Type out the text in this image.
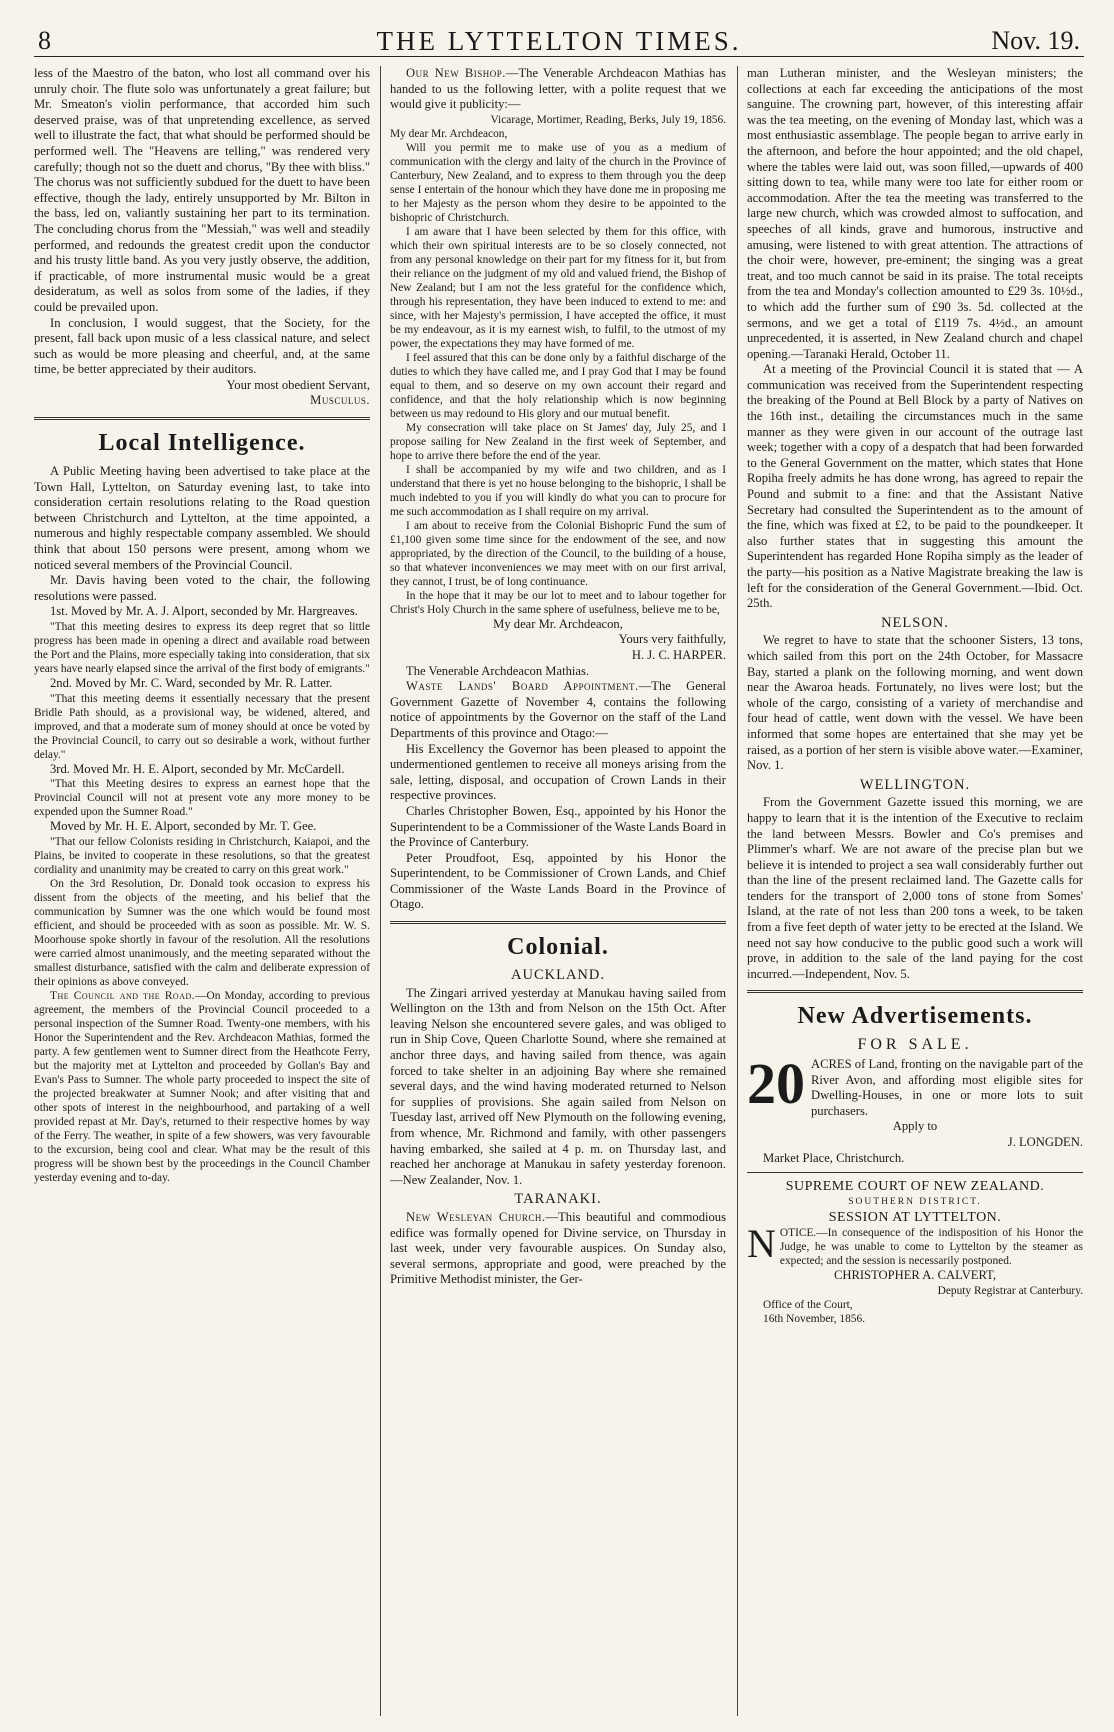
8	THE LYTTELTON TIMES.	Nov. 19.

less of the Maestro of the baton, who lost all command over his unruly choir. The flute solo was unfortunately a great failure; but Mr. Smeaton's violin performance, that accorded him such deserved praise, was of that unpretending excellence, as served well to illustrate the fact, that what should be performed should be performed well. The "Heavens are telling," was rendered very carefully; though not so the duett and chorus, "By thee with bliss." The chorus was not sufficiently subdued for the duett to have been effective, though the lady, entirely unsupported by Mr. Bilton in the bass, led on, valiantly sustaining her part to its termination. The concluding chorus from the "Messiah," was well and steadily performed, and redounds the greatest credit upon the conductor and his trusty little band. As you very justly observe, the addition, if practicable, of more instrumental music would be a great desideratum, as well as solos from some of the ladies, if they could be prevailed upon.

In conclusion, I would suggest, that the Society, for the present, fall back upon music of a less classical nature, and select such as would be more pleasing and cheerful, and, at the same time, be better appreciated by their auditors.

Your most obedient Servant,

Musculus.

Local Intelligence.

A Public Meeting having been advertised to take place at the Town Hall, Lyttelton, on Saturday evening last, to take into consideration certain resolutions relating to the Road question between Christchurch and Lyttelton, at the time appointed, a numerous and highly respectable company assembled. We should think that about 150 persons were present, among whom we noticed several members of the Provincial Council.

Mr. Davis having been voted to the chair, the following resolutions were passed.

1st. Moved by Mr. A. J. Alport, seconded by Mr. Hargreaves.

"That this meeting desires to express its deep regret that so little progress has been made in opening a direct and available road between the Port and the Plains, more especially taking into consideration, that six years have nearly elapsed since the arrival of the first body of emigrants."

2nd. Moved by Mr. C. Ward, seconded by Mr. R. Latter.

"That this meeting deems it essentially necessary that the present Bridle Path should, as a provisional way, be widened, altered, and improved, and that a moderate sum of money should at once be voted by the Provincial Council, to carry out so desirable a work, without further delay."

3rd. Moved Mr. H. E. Alport, seconded by Mr. McCardell.

"That this Meeting desires to express an earnest hope that the Provincial Council will not at present vote any more money to be expended upon the Sumner Road."

Moved by Mr. H. E. Alport, seconded by Mr. T. Gee.

"That our fellow Colonists residing in Christchurch, Kaiapoi, and the Plains, be invited to cooperate in these resolutions, so that the greatest cordiality and unanimity may be created to carry on this great work."

On the 3rd Resolution, Dr. Donald took occasion to express his dissent from the objects of the meeting, and his belief that the communication by Sumner was the one which would be found most efficient, and should be proceeded with as soon as possible. Mr. W. S. Moorhouse spoke shortly in favour of the resolution. All the resolutions were carried almost unanimously, and the meeting separated without the smallest disturbance, satisfied with the calm and deliberate expression of their opinions as above conveyed.

The Council and the Road.—On Monday, according to previous agreement, the members of the Provincial Council proceeded to a personal inspection of the Sumner Road. Twenty-one members, with his Honor the Superintendent and the Rev. Archdeacon Mathias, formed the party. A few gentlemen went to Sumner direct from the Heathcote Ferry, but the majority met at Lyttelton and proceeded by Gollan's Bay and Evan's Pass to Sumner. The whole party proceeded to inspect the site of the projected breakwater at Sumner Nook; and after visiting that and other spots of interest in the neighbourhood, and partaking of a well provided repast at Mr. Day's, returned to their respective homes by way of the Ferry. The weather, in spite of a few showers, was very favourable to the excursion, being cool and clear. What may be the result of this progress will be shown best by the proceedings in the Council Chamber yesterday evening and to-day.

Our New Bishop.—The Venerable Archdeacon Mathias has handed to us the following letter, with a polite request that we would give it publicity:—

Vicarage, Mortimer, Reading, Berks, July 19, 1856.

My dear Mr. Archdeacon,

Will you permit me to make use of you as a medium of communication with the clergy and laity of the church in the Province of Canterbury, New Zealand, and to express to them through you the deep sense I entertain of the honour which they have done me in proposing me to her Majesty as the person whom they desire to be appointed to the bishopric of Christchurch.

I am aware that I have been selected by them for this office, with which their own spiritual interests are to be so closely connected, not from any personal knowledge on their part for my fitness for it, but from their reliance on the judgment of my old and valued friend, the Bishop of New Zealand; but I am not the less grateful for the confidence which, through his representation, they have been induced to extend to me: and since, with her Majesty's permission, I have accepted the office, it must be my endeavour, as it is my earnest wish, to fulfil, to the utmost of my power, the expectations they may have formed of me.

I feel assured that this can be done only by a faithful discharge of the duties to which they have called me, and I pray God that I may be found equal to them, and so deserve on my own account their regard and confidence, and that the holy relationship which is now beginning between us may redound to His glory and our mutual benefit.

My consecration will take place on St James' day, July 25, and I propose sailing for New Zealand in the first week of September, and hope to arrive there before the end of the year.

I shall be accompanied by my wife and two children, and as I understand that there is yet no house belonging to the bishopric, I shall be much indebted to you if you will kindly do what you can to procure for me such accommodation as I shall require on my arrival.

I am about to receive from the Colonial Bishopric Fund the sum of £1,100 given some time since for the endowment of the see, and now appropriated, by the direction of the Council, to the building of a house, so that whatever inconveniences we may meet with on our first arrival, they cannot, I trust, be of long continuance.

In the hope that it may be our lot to meet and to labour together for Christ's Holy Church in the same sphere of usefulness, believe me to be,

My dear Mr. Archdeacon,

Yours very faithfully,

H. J. C. HARPER.

The Venerable Archdeacon Mathias.

Waste Lands' Board Appointment.—The General Government Gazette of November 4, contains the following notice of appointments by the Governor on the staff of the Land Departments of this province and Otago:—

His Excellency the Governor has been pleased to appoint the undermentioned gentlemen to receive all moneys arising from the sale, letting, disposal, and occupation of Crown Lands in their respective provinces.

Charles Christopher Bowen, Esq., appointed by his Honor the Superintendent to be a Commissioner of the Waste Lands Board in the Province of Canterbury.

Peter Proudfoot, Esq, appointed by his Honor the Superintendent, to be Commissioner of Crown Lands, and Chief Commissioner of the Waste Lands Board in the Province of Otago.

Colonial.
AUCKLAND.

The Zingari arrived yesterday at Manukau having sailed from Wellington on the 13th and from Nelson on the 15th Oct. After leaving Nelson she encountered severe gales, and was obliged to run in Ship Cove, Queen Charlotte Sound, where she remained at anchor three days, and having sailed from thence, was again forced to take shelter in an adjoining Bay where she remained several days, and the wind having moderated returned to Nelson for supplies of provisions. She again sailed from Nelson on Tuesday last, arrived off New Plymouth on the following evening, from whence, Mr. Richmond and family, with other passengers having embarked, she sailed at 4 p. m. on Thursday last, and reached her anchorage at Manukau in safety yesterday forenoon.—New Zealander, Nov. 1.

TARANAKI.

New Wesleyan Church.—This beautiful and commodious edifice was formally opened for Divine service, on Thursday in last week, under very favourable auspices. On Sunday also, several sermons, appropriate and good, were preached by the Primitive Methodist minister, the Ger-

man Lutheran minister, and the Wesleyan ministers; the collections at each far exceeding the anticipations of the most sanguine. The crowning part, however, of this interesting affair was the tea meeting, on the evening of Monday last, which was a most enthusiastic assemblage. The people began to arrive early in the afternoon, and before the hour appointed; and the old chapel, where the tables were laid out, was soon filled,—upwards of 400 sitting down to tea, while many were too late for either room or accommodation. After the tea the meeting was transferred to the large new church, which was crowded almost to suffocation, and speeches of all kinds, grave and humorous, instructive and amusing, were listened to with great attention. The attractions of the choir were, however, pre-eminent; the singing was a great treat, and too much cannot be said in its praise. The total receipts from the tea and Monday's collection amounted to £29 3s. 10½d., to which add the further sum of £90 3s. 5d. collected at the sermons, and we get a total of £119 7s. 4½d., an amount unprecedented, it is asserted, in New Zealand church and chapel opening.—Taranaki Herald, October 11.

At a meeting of the Provincial Council it is stated that — A communication was received from the Superintendent respecting the breaking of the Pound at Bell Block by a party of Natives on the 16th inst., detailing the circumstances much in the same manner as they were given in our account of the outrage last week; together with a copy of a despatch that had been forwarded to the General Government on the matter, which states that Hone Ropiha freely admits he has done wrong, has agreed to repair the Pound and submit to a fine: and that the Assistant Native Secretary had consulted the Superintendent as to the amount of the fine, which was fixed at £2, to be paid to the poundkeeper. It also further states that in suggesting this amount the Superintendent has regarded Hone Ropiha simply as the leader of the party—his position as a Native Magistrate breaking the law is left for the consideration of the General Government.—Ibid. Oct. 25th.

NELSON.

We regret to have to state that the schooner Sisters, 13 tons, which sailed from this port on the 24th October, for Massacre Bay, started a plank on the following morning, and went down near the Awaroa heads. Fortunately, no lives were lost; but the whole of the cargo, consisting of a variety of merchandise and four head of cattle, went down with the vessel. We have been informed that some hopes are entertained that she may yet be raised, as a portion of her stern is visible above water.—Examiner, Nov. 1.

WELLINGTON.

From the Government Gazette issued this morning, we are happy to learn that it is the intention of the Executive to reclaim the land between Messrs. Bowler and Co's premises and Plimmer's wharf. We are not aware of the precise plan but we believe it is intended to project a sea wall considerably further out than the line of the present reclaimed land. The Gazette calls for tenders for the transport of 2,000 tons of stone from Somes' Island, at the rate of not less than 200 tons a week, to be taken from a five feet depth of water jetty to be erected at the Island. We need not say how conducive to the public good such a work will prove, in addition to the sale of the land paying for the cost incurred.—Independent, Nov. 5.

New Advertisements.
FOR SALE.

20 ACRES of Land, fronting on the navigable part of the River Avon, and affording most eligible sites for Dwelling-Houses, in one or more lots to suit purchasers.

Apply to

J. LONGDEN.

Market Place, Christchurch.

SUPREME COURT OF NEW ZEALAND.
SOUTHERN DISTRICT.
SESSION AT LYTTELTON.

NOTICE.—In consequence of the indisposition of his Honor the Judge, he was unable to come to Lyttelton by the steamer as expected; and the session is necessarily postponed.

CHRISTOPHER A. CALVERT,

Deputy Registrar at Canterbury.

Office of the Court,

16th November, 1856.
